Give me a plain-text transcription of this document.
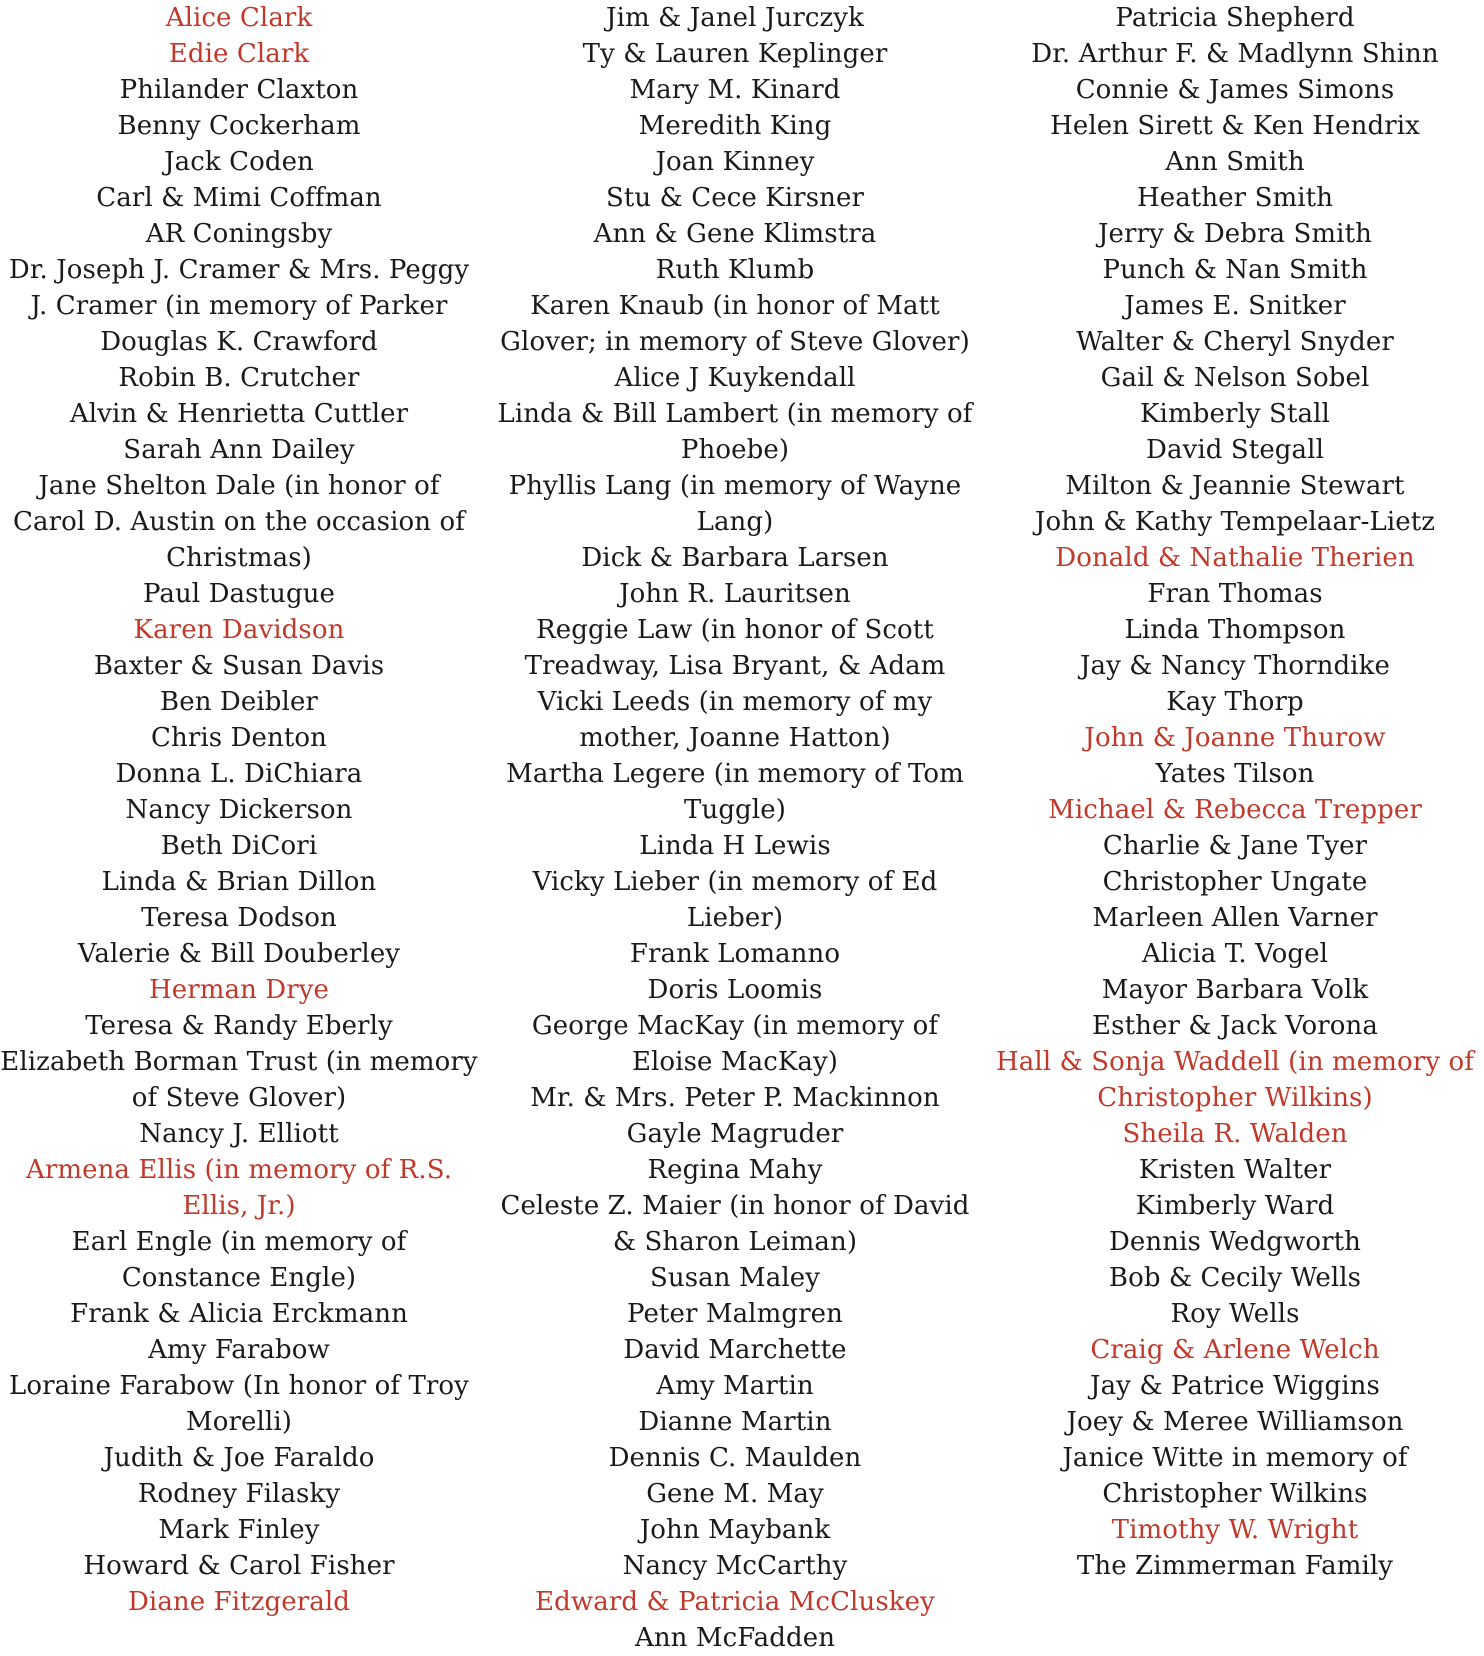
Alice Clark
Edie Clark
Philander Claxton
Benny Cockerham
Jack Coden
Carl & Mimi Coffman
AR Coningsby
Dr. Joseph J. Cramer & Mrs. Peggy J. Cramer (in memory of Parker
Douglas K. Crawford
Robin B. Crutcher
Alvin & Henrietta Cuttler
Sarah Ann Dailey
Jane Shelton Dale (in honor of Carol D. Austin on the occasion of Christmas)
Paul Dastugue
Karen Davidson
Baxter & Susan Davis
Ben Deibler
Chris Denton
Donna L. DiChiara
Nancy Dickerson
Beth DiCori
Linda & Brian Dillon
Teresa Dodson
Valerie & Bill Douberley
Herman Drye
Teresa & Randy Eberly
Elizabeth Borman Trust (in memory of Steve Glover)
Nancy J. Elliott
Armena Ellis (in memory of R.S. Ellis, Jr.)
Earl Engle (in memory of Constance Engle)
Frank & Alicia Erckmann
Amy Farabow
Loraine Farabow (In honor of Troy Morelli)
Judith & Joe Faraldo
Rodney Filasky
Mark Finley
Howard & Carol Fisher
Diane Fitzgerald
Jim & Janel Jurczyk
Ty & Lauren Keplinger
Mary M. Kinard
Meredith King
Joan Kinney
Stu & Cece Kirsner
Ann & Gene Klimstra
Ruth Klumb
Karen Knaub (in honor of Matt Glover; in memory of Steve Glover)
Alice J Kuykendall
Linda & Bill Lambert (in memory of Phoebe)
Phyllis Lang (in memory of Wayne Lang)
Dick & Barbara Larsen
John R. Lauritsen
Reggie Law (in honor of Scott Treadway, Lisa Bryant, & Adam
Vicki Leeds (in memory of my mother, Joanne Hatton)
Martha Legere (in memory of Tom Tuggle)
Linda H Lewis
Vicky Lieber (in memory of Ed Lieber)
Frank Lomanno
Doris Loomis
George MacKay (in memory of Eloise MacKay)
Mr. & Mrs. Peter P. Mackinnon
Gayle Magruder
Regina Mahy
Celeste Z. Maier (in honor of David & Sharon Leiman)
Susan Maley
Peter Malmgren
David Marchette
Amy Martin
Dianne Martin
Dennis C. Maulden
Gene M. May
John Maybank
Nancy McCarthy
Edward & Patricia McCluskey
Ann McFadden
Patricia Shepherd
Dr. Arthur F. & Madlynn Shinn
Connie & James Simons
Helen Sirett & Ken Hendrix
Ann Smith
Heather Smith
Jerry & Debra Smith
Punch & Nan Smith
James E. Snitker
Walter & Cheryl Snyder
Gail & Nelson Sobel
Kimberly Stall
David Stegall
Milton & Jeannie Stewart
John & Kathy Tempelaar-Lietz
Donald & Nathalie Therien
Fran Thomas
Linda Thompson
Jay & Nancy Thorndike
Kay Thorp
John & Joanne Thurow
Yates Tilson
Michael & Rebecca Trepper
Charlie & Jane Tyer
Christopher Ungate
Marleen Allen Varner
Alicia T. Vogel
Mayor Barbara Volk
Esther & Jack Vorona
Hall & Sonja Waddell (in memory of Christopher Wilkins)
Sheila R. Walden
Kristen Walter
Kimberly Ward
Dennis Wedgworth
Bob & Cecily Wells
Roy Wells
Craig & Arlene Welch
Jay & Patrice Wiggins
Joey & Meree Williamson
Janice Witte in memory of Christopher Wilkins
Timothy W. Wright
The Zimmerman Family
